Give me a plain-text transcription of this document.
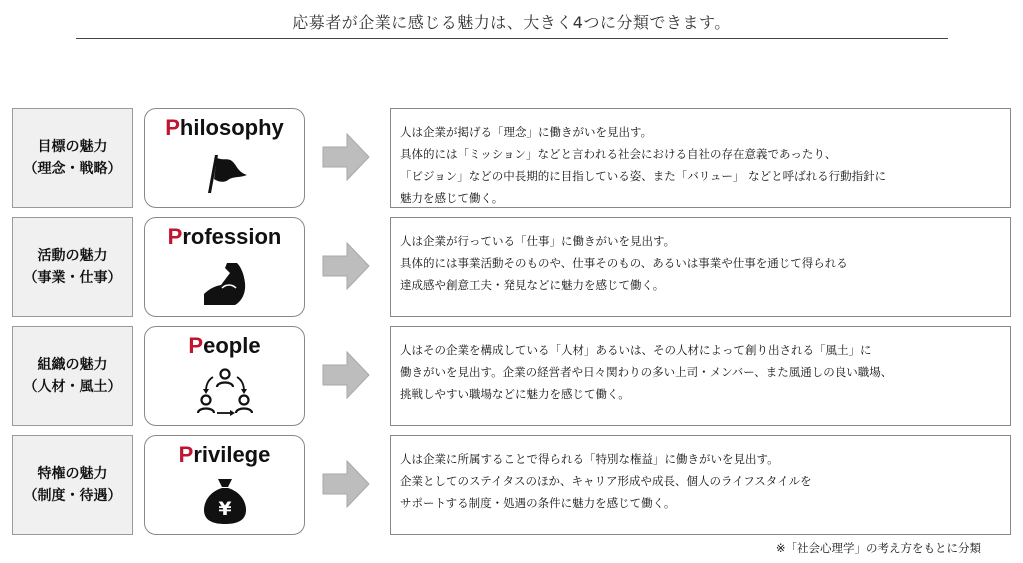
応募者が企業に感じる魅力は、大きく4つに分類できます。
目標の魅力
（理念・戦略）
Philosophy	人は企業が掲げる「理念」に働きがいを見出す。
具体的には「ミッション」などと言われる社会における自社の存在意義であったり、
「ビジョン」などの中長期的に目指している姿、また「バリュー」 などと呼ばれる行動指針に
魅力を感じて働く。
活動の魅力
（事業・仕事）
Profession	人は企業が行っている「仕事」に働きがいを見出す。
具体的には事業活動そのものや、仕事そのもの、あるいは事業や仕事を通じて得られる
達成感や創意工夫・発見などに魅力を感じて働く。
組織の魅力
（人材・風土）
People	人はその企業を構成している「人材」あるいは、その人材によって創り出される「風土」に
働きがいを見出す。企業の経営者や日々関わりの多い上司・メンバー、また風通しの良い職場、
挑戦しやすい職場などに魅力を感じて働く。
特権の魅力
（制度・待遇）
Privilege
¥
人は企業に所属することで得られる「特別な権益」に働きがいを見出す。
企業としてのステイタスのほか、キャリア形成や成長、個人のライフスタイルを
サポートする制度・処遇の条件に魅力を感じて働く。
※「社会心理学」の考え方をもとに分類
